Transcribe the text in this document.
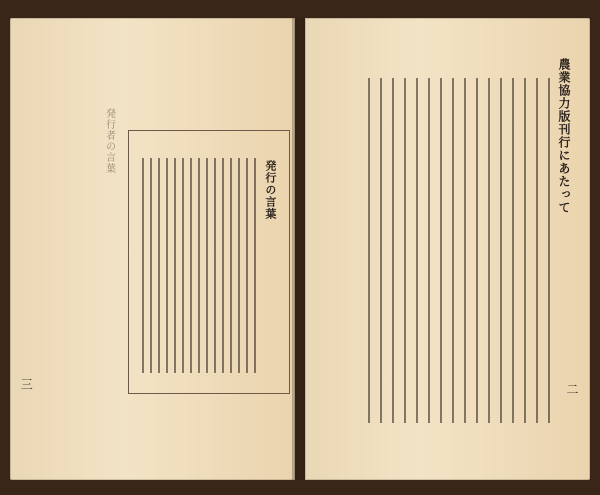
発行者の言葉
発行の言葉
三
農業協力版刊行にあたって

二
